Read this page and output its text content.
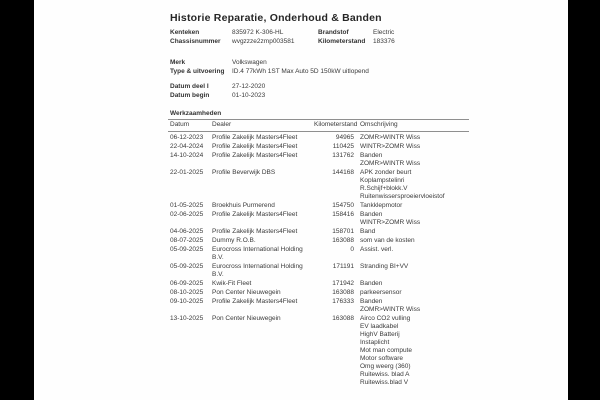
Historie Reparatie, Onderhoud & Banden
Kenteken	835972 K-306-HL	Brandstof	Electric
Chassisnummer	wvgzzze2zmp003581	Kilometerstand	183376
Merk	Volkswagen
Type & uitvoering	ID.4 77kWh 1ST Max Auto 5D 150kW uitlopend
Datum deel I	27-12-2020
Datum begin	01-10-2023
Werkzaamheden
Datum	Dealer	Kilometerstand Omschrijving
06-12-2023	Profile Zakelijk Masters4Fleet	94965 ZOMR>WINTR Wiss
22-04-2024	Profile Zakelijk Masters4Fleet	110425 WINTR>ZOMR Wiss
14-10-2024	Profile Zakelijk Masters4Fleet	131762 Banden
ZOMR>WINTR Wiss
22-01-2025	Profile Beverwijk DBS	144168 APK zonder beurt
Koplampstelinri
R.Schijf+blokk.V
Ruitenwissersproeiervloeistof
01-05-2025	Broekhuis Purmerend	154750 Tankklepmotor
02-06-2025	Profile Zakelijk Masters4Fleet	158416 Banden
WINTR>ZOMR Wiss
04-06-2025	Profile Zakelijk Masters4Fleet	158701 Band
08-07-2025	Dummy R.O.B.	163088 som van de kosten
05-09-2025	Eurocross International Holding B.V.
0 Assist. verl.
05-09-2025	Eurocross International Holding B.V.
171191 Stranding BI+VV
06-09-2025	Kwik-Fit Fleet	171942 Banden
08-10-2025	Pon Center Nieuwegein	163088 parkeersensor
09-10-2025	Profile Zakelijk Masters4Fleet	176333 Banden
ZOMR>WINTR Wiss
13-10-2025	Pon Center Nieuwegein	163088 Airco CO2 vulling
EV laadkabel
HighV Batterij
Instaplicht
Mot man compute
Motor software
Omg weerg (360)
Ruitewiss. blad A
Ruitewiss.blad V
